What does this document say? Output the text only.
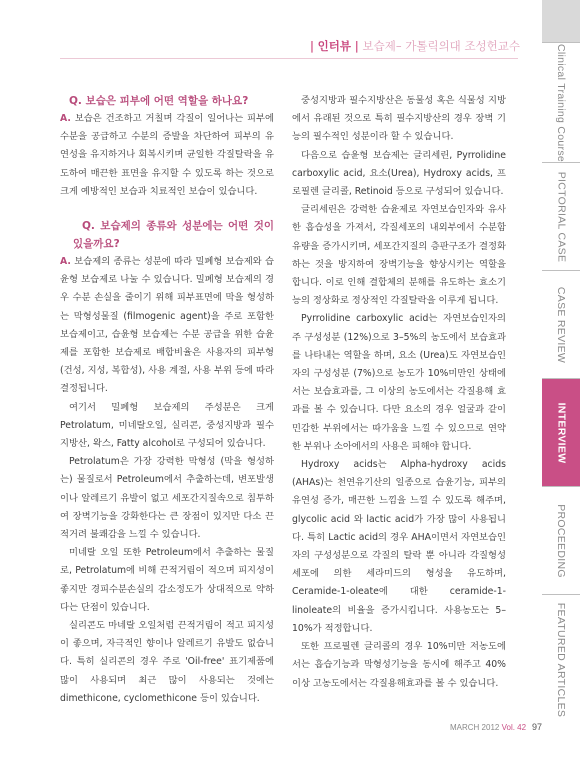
| 인터뷰 | 보습제– 가톨릭의대 조성헌교수

Q. 보습은 피부에 어떤 역할을 하나요?

A. 보습은 건조하고 거칠며 각질이 일어나는 피부에 수분을 공급하고 수분의 증발을 차단하여 피부의 유연성을 유지하거나 회복시키며 균일한 각질탈락을 유도하여 매끈한 표면을 유지할 수 있도록 하는 것으로 크게 예방적인 보습과 치료적인 보습이 있습니다.

Q. 보습제의 종류와 성분에는 어떤 것이 있을까요?

A. 보습제의 종류는 성분에 따라 밀폐형 보습제와 습윤형 보습제로 나눌 수 있습니다. 밀폐형 보습제의 경우 수분 손실을 줄이기 위해 피부표면에 막을 형성하는 막형성물질 (filmogenic agent)을 주로 포함한 보습제이고, 습윤형 보습제는 수분 공급을 위한 습윤제를 포함한 보습제로 배합비율은 사용자의 피부형 (건성, 지성, 복합성), 사용 계절, 사용 부위 등에 따라 결정됩니다.

여기서 밀폐형 보습제의 주성분은 크게 Petrolatum, 미네랄오일, 실리콘, 중성지방과 필수지방산, 왁스, Fatty alcohol로 구성되어 있습니다.

Petrolatum은 가장 강력한 막형성 (막을 형성하는) 물질로서 Petroleum에서 추출하는데, 변포발생이나 알레르기 유발이 없고 세포간지질속으로 침투하여 장벽기능을 강화한다는 큰 장점이 있지만 다소 끈적거려 불쾌감을 느낄 수 있습니다.

미네랄 오일 또한 Petroleum에서 추출하는 물질로, Petrolatum에 비해 끈적거림이 적으며 피지성이 좋지만 경피수분손실의 감소정도가 상대적으로 약하다는 단점이 있습니다.

실리콘도 마네랄 오일처럼 끈적거림이 적고 피지성이 좋으며, 자극적인 향이나 알레르기 유발도 없습니다. 특히 실리콘의 경우 주로 'Oil-free' 표기제품에 많이 사용되며 최근 많이 사용되는 것에는 dimethicone, cyclomethicone 등이 있습니다.

중성지방과 필수지방산은 동물성 혹은 식물성 지방에서 유래된 것으로 특히 필수지방산의 경우 장벽 기능의 필수적인 성분이라 할 수 있습니다.

다음으로 습윤형 보습제는 글리세린, Pyrrolidine carboxylic acid, 요소(Urea), Hydroxy acids, 프로필렌 글리콜, Retinoid 등으로 구성되어 있습니다.

글리세린은 강력한 습윤제로 자연보습인자와 유사한 흡습성을 가져서, 각질세포의 내외부에서 수분함유량을 증가시키며, 세포간지질의 층판구조가 결정화하는 것을 방지하여 장벽기능을 향상시키는 역할을 합니다. 이로 인해 결합체의 분해를 유도하는 효소기능의 정상화로 정상적인 각질탈락을 이루게 됩니다.

Pyrrolidine carboxylic acid는 자연보습인자의 주 구성성분 (12%)으로 3–5%의 농도에서 보습효과를 나타내는 역할을 하며, 요소 (Urea)도 자연보습인자의 구성성분 (7%)으로 농도가 10%미만인 상태에서는 보습효과를, 그 이상의 농도에서는 각질용해 효과를 볼 수 있습니다. 다만 요소의 경우 얼굴과 같이 민감한 부위에서는 따가움을 느낄 수 있으므로 연약한 부위나 소아에서의 사용은 피해야 합니다.

Hydroxy acids는 Alpha-hydroxy acids (AHAs)는 천연유기산의 일종으로 습윤기능, 피부의 유연성 증가, 매끈한 느낌을 느낄 수 있도록 해주며, glycolic acid 와 lactic acid가 가장 많이 사용됩니다. 특히 Lactic acid의 경우 AHA이면서 자연보습인자의 구성성분으로 각질의 탈락 뿐 아니라 각질형성세포에 의한 세라미드의 형성을 유도하며, Ceramide-1-oleate에 대한 ceramide-1-linoleate의 비율을 증가시킵니다. 사용농도는 5–10%가 적정합니다.

또한 프로필렌 글리콜의 경우 10%미만 저농도에서는 흡습기능과 막형성기능을 동시에 해주고 40%이상 고농도에서는 각질용해효과를 볼 수 있습니다.

Clinical Training Course
PICTORIAL CASE
CASE REVIEW
INTERVIEW
PROCEEDING
FEATURED ARTICLES
MARCH 2012 Vol. 42 97
